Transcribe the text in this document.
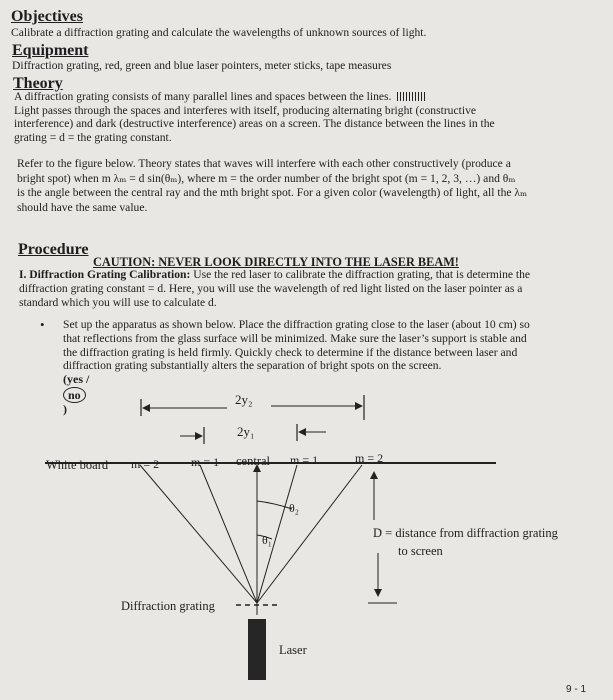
Objectives
Calibrate a diffraction grating and calculate the wavelengths of unknown sources of light.
Equipment
Diffraction grating, red, green and blue laser pointers, meter sticks, tape measures
Theory
A diffraction grating consists of many parallel lines and spaces between the lines.
Light passes through the spaces and interferes with itself, producing alternating bright (constructive
interference) and dark (destructive interference) areas on a screen. The distance between the lines in the
grating = d = the grating constant.
Refer to the figure below. Theory states that waves will interfere with each other constructively (produce a
bright spot) when m λₘ = d sin(θₘ), where m = the order number of the bright spot (m = 1, 2, 3, …) and θₘ
is the angle between the central ray and the mth bright spot. For a given color (wavelength) of light, all the λₘ
should have the same value.
Procedure
CAUTION: NEVER LOOK DIRECTLY INTO THE LASER BEAM!
I. Diffraction Grating Calibration: Use the red laser to calibrate the diffraction grating, that is determine the
diffraction grating constant = d. Here, you will use the wavelength of red light listed on the laser pointer as a
standard which you will use to calculate d.
• Set up the apparatus as shown below. Place the diffraction grating close to the laser (about 10 cm) so
that reflections from the glass surface will be minimized. Make sure the laser’s support is stable and
the diffraction grating is held firmly. Quickly check to determine if the distance between laser and
diffraction grating substantially alters the separation of bright spots on the screen.
(yes /
no
)
2y₂
2y₁
White board m = 2	m = 1 central m = 1	m = 2
θ₂
θ₁	D = distance from diffraction grating
to screen
Diffraction grating
Laser
9 - 1
